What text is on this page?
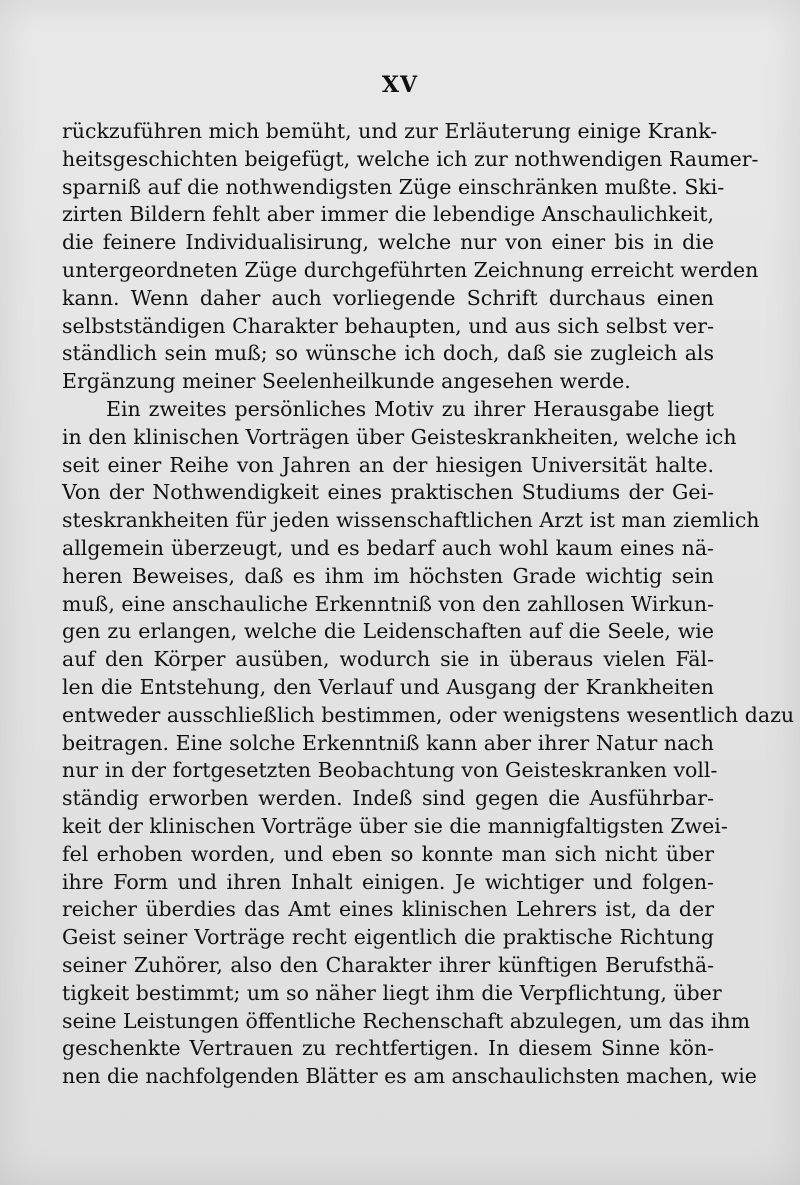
XV
rückzuführen mich bemüht, und zur Erläuterung einige Krank-
heitsgeschichten beigefügt, welche ich zur nothwendigen Raumer-
sparniß auf die nothwendigsten Züge einschränken mußte. Ski-
zirten Bildern fehlt aber immer die lebendige Anschaulichkeit,
die feinere Individualisirung, welche nur von einer bis in die
untergeordneten Züge durchgeführten Zeichnung erreicht werden
kann. Wenn daher auch vorliegende Schrift durchaus einen
selbstständigen Charakter behaupten, und aus sich selbst ver-
ständlich sein muß; so wünsche ich doch, daß sie zugleich als
Ergänzung meiner Seelenheilkunde angesehen werde.
Ein zweites persönliches Motiv zu ihrer Herausgabe liegt
in den klinischen Vorträgen über Geisteskrankheiten, welche ich
seit einer Reihe von Jahren an der hiesigen Universität halte.
Von der Nothwendigkeit eines praktischen Studiums der Gei-
steskrankheiten für jeden wissenschaftlichen Arzt ist man ziemlich
allgemein überzeugt, und es bedarf auch wohl kaum eines nä-
heren Beweises, daß es ihm im höchsten Grade wichtig sein
muß, eine anschauliche Erkenntniß von den zahllosen Wirkun-
gen zu erlangen, welche die Leidenschaften auf die Seele, wie
auf den Körper ausüben, wodurch sie in überaus vielen Fäl-
len die Entstehung, den Verlauf und Ausgang der Krankheiten
entweder ausschließlich bestimmen, oder wenigstens wesentlich dazu
beitragen. Eine solche Erkenntniß kann aber ihrer Natur nach
nur in der fortgesetzten Beobachtung von Geisteskranken voll-
ständig erworben werden. Indeß sind gegen die Ausführbar-
keit der klinischen Vorträge über sie die mannigfaltigsten Zwei-
fel erhoben worden, und eben so konnte man sich nicht über
ihre Form und ihren Inhalt einigen. Je wichtiger und folgen-
reicher überdies das Amt eines klinischen Lehrers ist, da der
Geist seiner Vorträge recht eigentlich die praktische Richtung
seiner Zuhörer, also den Charakter ihrer künftigen Berufsthä-
tigkeit bestimmt; um so näher liegt ihm die Verpflichtung, über
seine Leistungen öffentliche Rechenschaft abzulegen, um das ihm
geschenkte Vertrauen zu rechtfertigen. In diesem Sinne kön-
nen die nachfolgenden Blätter es am anschaulichsten machen, wie
